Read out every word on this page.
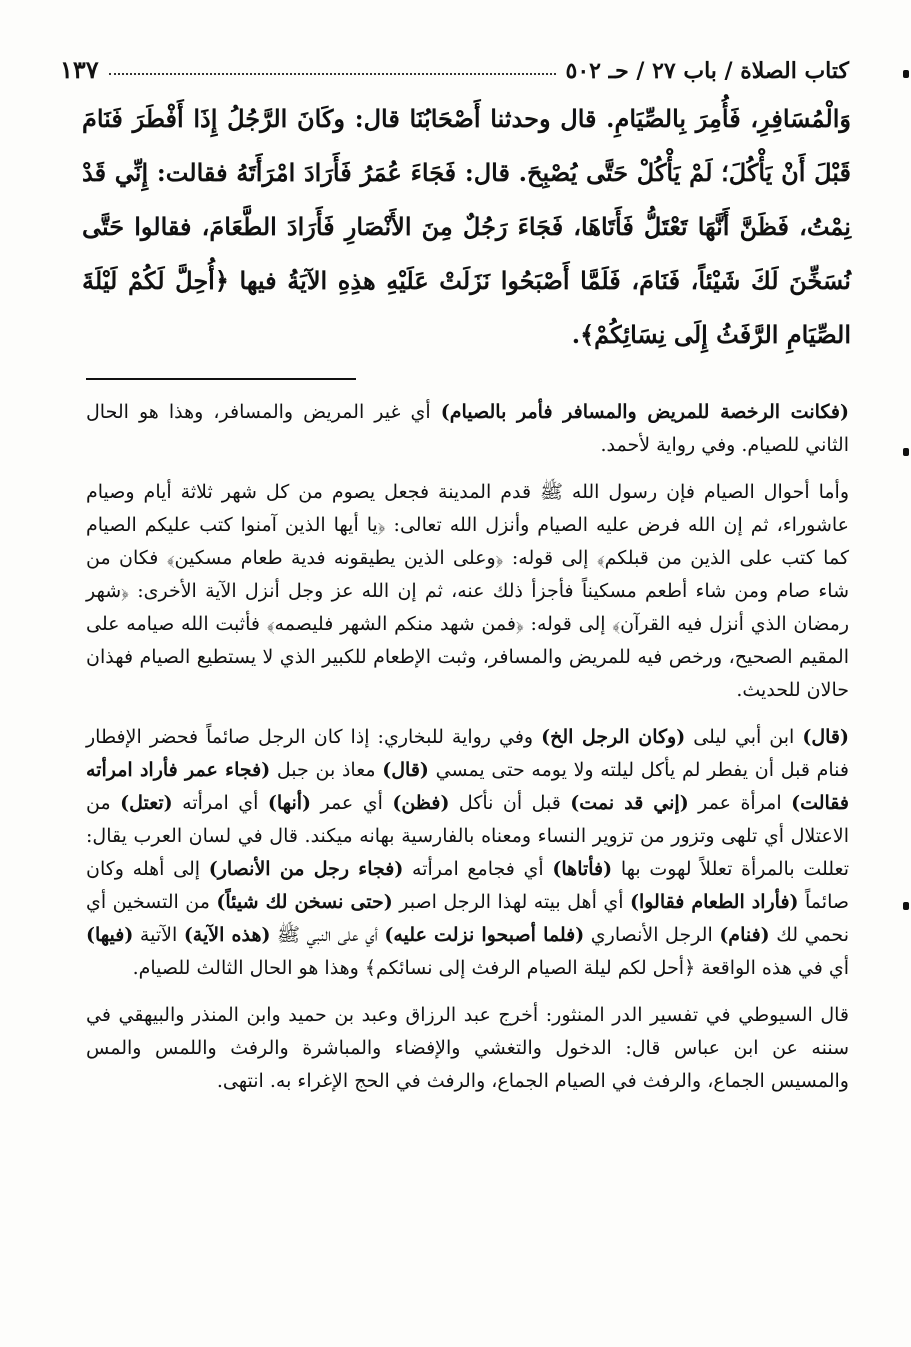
كتاب الصلاة / باب ٢٧ / حـ ٥٠٢
١٣٧
وَالْمُسَافِرِ، فَأُمِرَ بِالصِّيَامِ. قال وحدثنا أَصْحَابُنَا قال: وكَانَ الرَّجُلُ إِذَا أَفْطَرَ فَنَامَ قَبْلَ أَنْ يَأْكُلَ؛ لَمْ يَأْكُلْ حَتَّى يُصْبِحَ. قال: فَجَاءَ عُمَرُ فَأَرَادَ امْرَأَتَهُ فقالت: إِنِّي قَدْ نِمْتُ، فَظَنَّ أَنَّهَا تَعْتَلُّ فَأَتَاهَا، فَجَاءَ رَجُلٌ مِنَ الأَنْصَارِ فَأَرَادَ الطَّعَامَ، فقالوا حَتَّى نُسَخِّنَ لَكَ شَيْئاً، فَنَامَ، فَلَمَّا أَصْبَحُوا نَزَلَتْ عَلَيْهِ هذِهِ الآيَةُ فيها ﴿أُحِلَّ لَكُمْ لَيْلَةَ الصِّيَامِ الرَّفَثُ إِلَى نِسَائِكُمْ﴾.

(فكانت الرخصة للمريض والمسافر فأمر بالصيام) أي غير المريض والمسافر، وهذا هو الحال الثاني للصيام. وفي رواية لأحمد.

وأما أحوال الصيام فإن رسول الله ﷺ قدم المدينة فجعل يصوم من كل شهر ثلاثة أيام وصيام عاشوراء، ثم إن الله فرض عليه الصيام وأنزل الله تعالى: ﴿يا أيها الذين آمنوا كتب عليكم الصيام كما كتب على الذين من قبلكم﴾ إلى قوله: ﴿وعلى الذين يطيقونه فدية طعام مسكين﴾ فكان من شاء صام ومن شاء أطعم مسكيناً فأجزأ ذلك عنه، ثم إن الله عز وجل أنزل الآية الأخرى: ﴿شهر رمضان الذي أنزل فيه القرآن﴾ إلى قوله: ﴿فمن شهد منكم الشهر فليصمه﴾ فأثبت الله صيامه على المقيم الصحيح، ورخص فيه للمريض والمسافر، وثبت الإطعام للكبير الذي لا يستطيع الصيام فهذان حالان للحديث.

(قال) ابن أبي ليلى (وكان الرجل الخ) وفي رواية للبخاري: إذا كان الرجل صائماً فحضر الإفطار فنام قبل أن يفطر لم يأكل ليلته ولا يومه حتى يمسي (قال) معاذ بن جبل (فجاء عمر فأراد امرأته فقالت) امرأة عمر (إني قد نمت) قبل أن نأكل (فظن) أي عمر (أنها) أي امرأته (تعتل) من الاعتلال أي تلهى وتزور من تزوير النساء ومعناه بالفارسية بهانه ميكند. قال في لسان العرب يقال: تعللت بالمرأة تعللاً لهوت بها (فأتاها) أي فجامع امرأته (فجاء رجل من الأنصار) إلى أهله وكان صائماً (فأراد الطعام فقالوا) أي أهل بيته لهذا الرجل اصبر (حتى نسخن لك شيئاً) من التسخين أي نحمي لك (فنام) الرجل الأنصاري (فلما أصبحوا نزلت عليه) أي على النبي ﷺ (هذه الآية) الآتية (فيها) أي في هذه الواقعة ﴿أحل لكم ليلة الصيام الرفث إلى نسائكم﴾ وهذا هو الحال الثالث للصيام.

قال السيوطي في تفسير الدر المنثور: أخرج عبد الرزاق وعبد بن حميد وابن المنذر والبيهقي في سننه عن ابن عباس قال: الدخول والتغشي والإفضاء والمباشرة والرفث واللمس والمس والمسيس الجماع، والرفث في الصيام الجماع، والرفث في الحج الإغراء به. انتهى.
